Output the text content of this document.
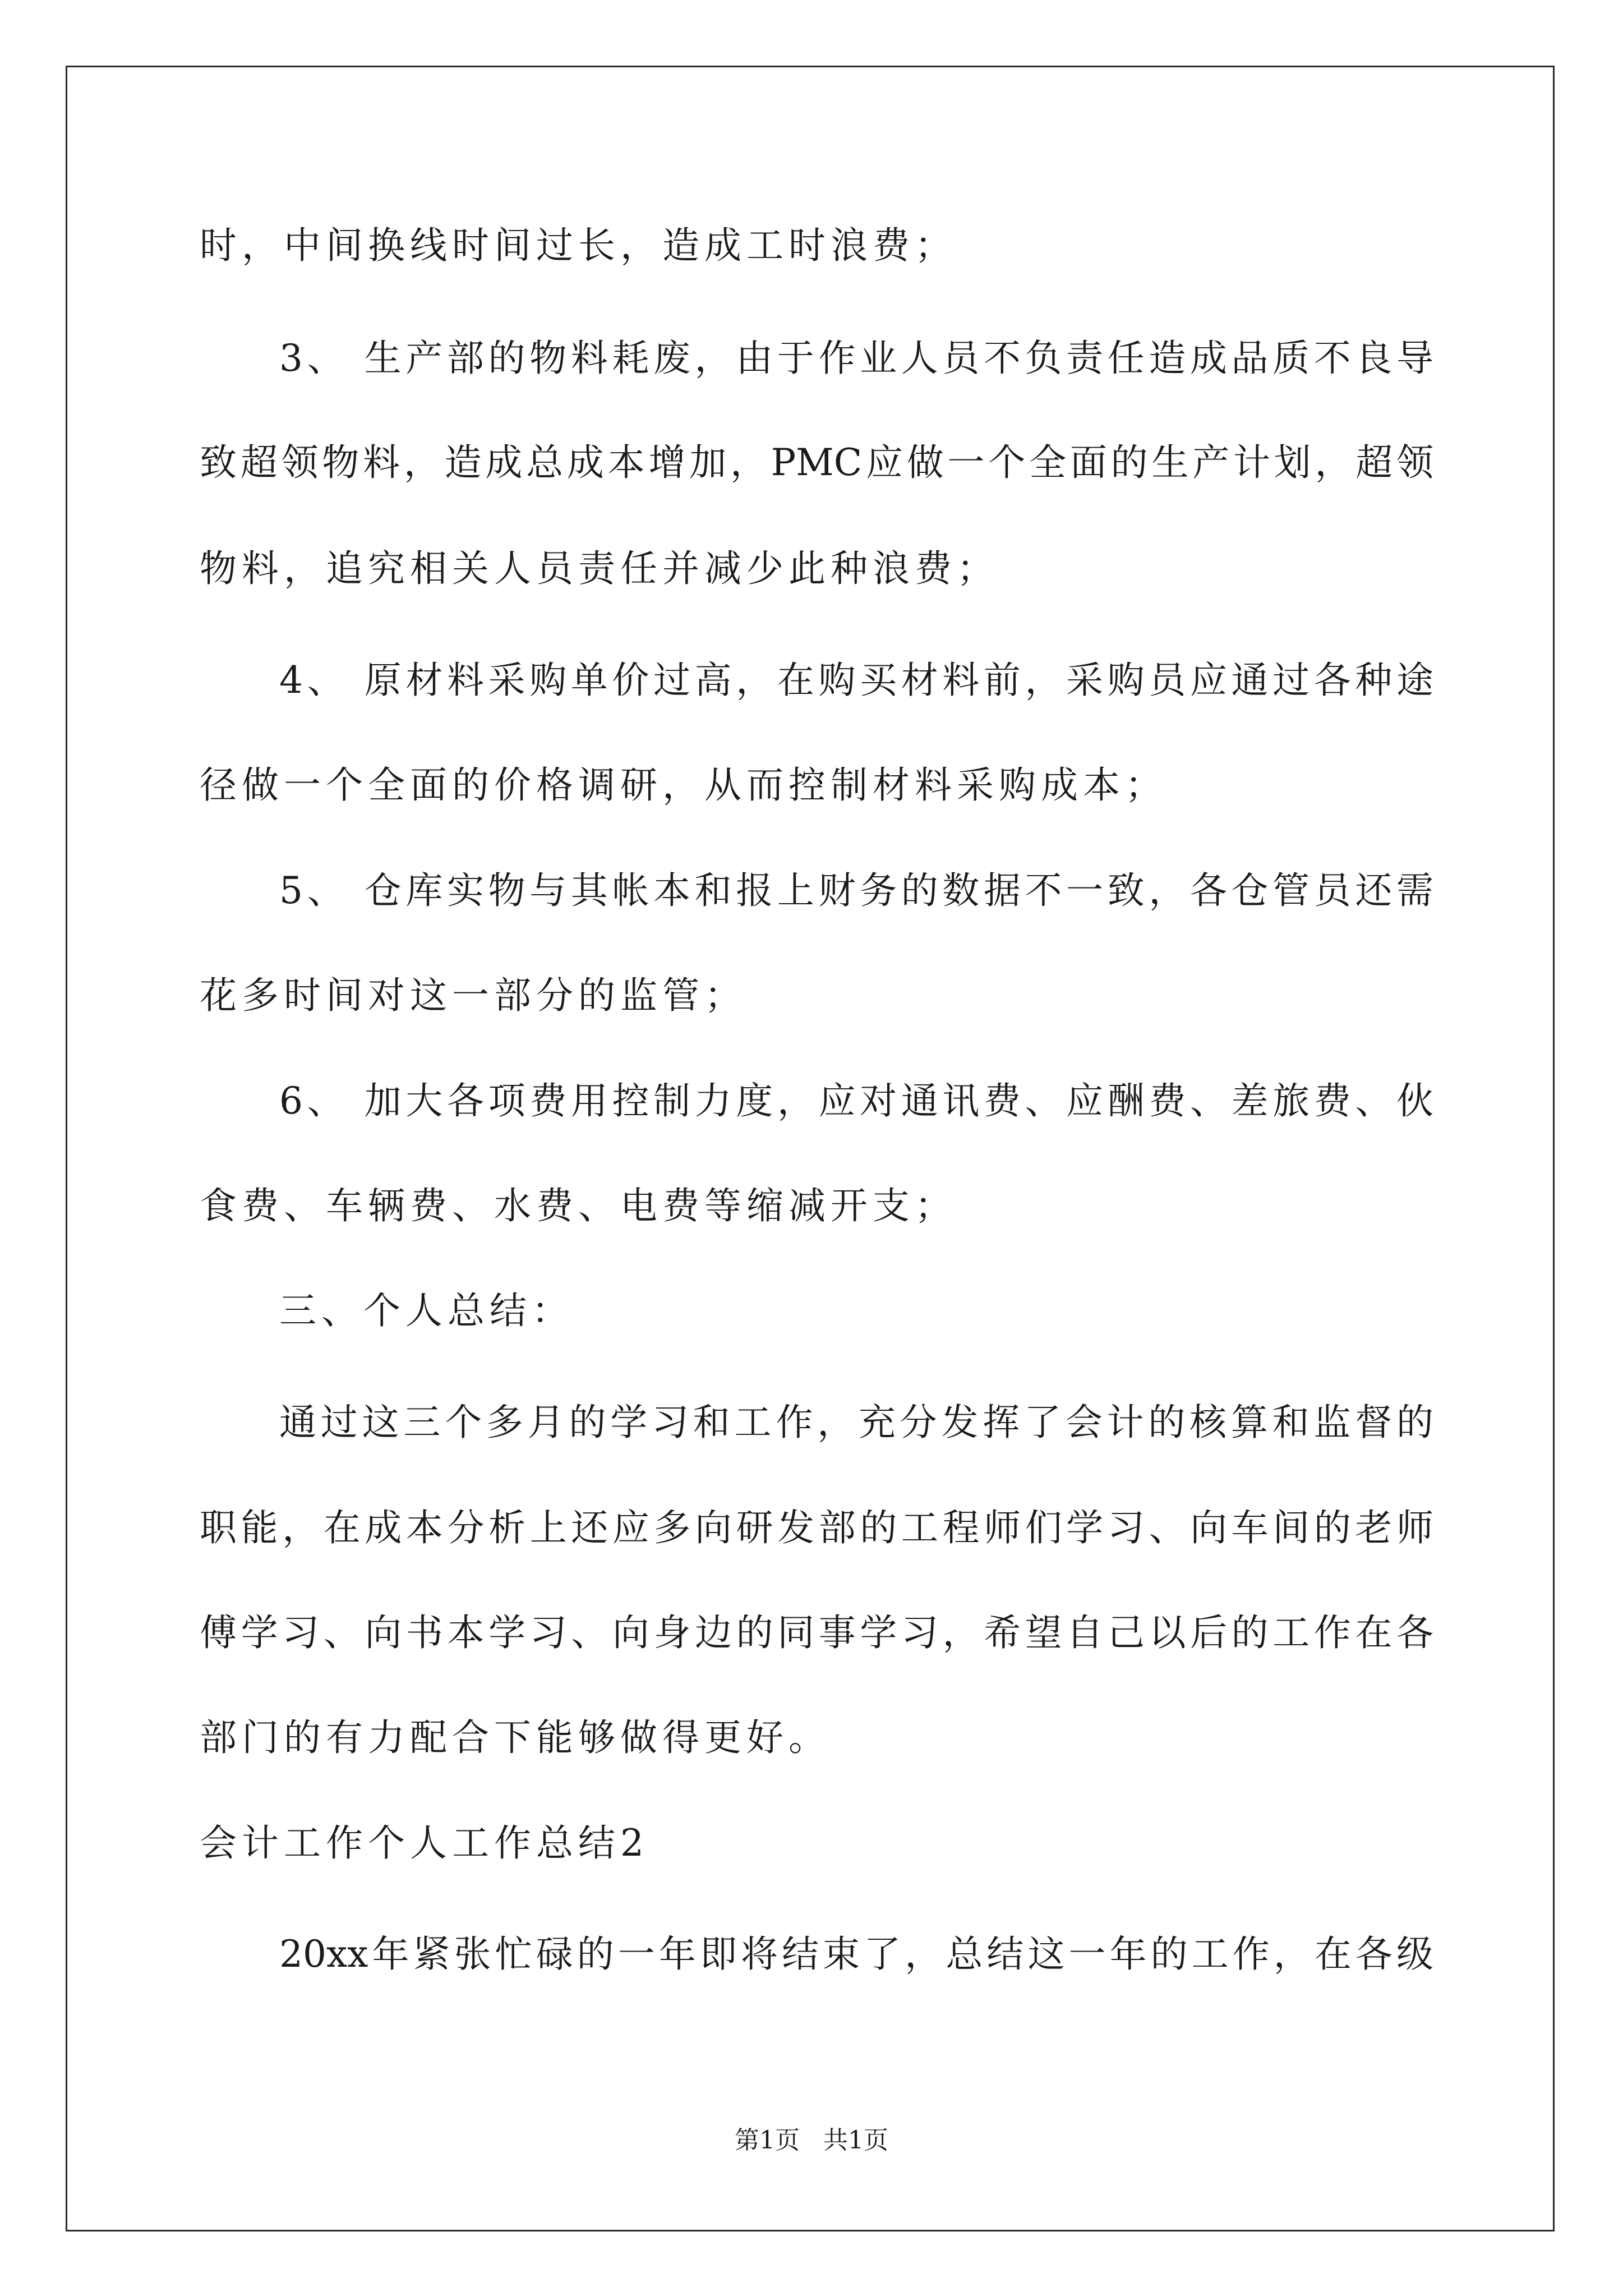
时，中间换线时间过长，造成工时浪费；
3、 生产部的物料耗废，由于作业人员不负责任造成品质不良导
致超领物料，造成总成本增加，PMC应做一个全面的生产计划，超领
物料，追究相关人员责任并减少此种浪费；
4、 原材料采购单价过高，在购买材料前，采购员应通过各种途
径做一个全面的价格调研，从而控制材料采购成本；
5、 仓库实物与其帐本和报上财务的数据不一致，各仓管员还需
花多时间对这一部分的监管；
6、 加大各项费用控制力度，应对通讯费、应酬费、差旅费、伙
食费、车辆费、水费、电费等缩减开支；
三、个人总结：
通过这三个多月的学习和工作，充分发挥了会计的核算和监督的
职能，在成本分析上还应多向研发部的工程师们学习、向车间的老师
傅学习、向书本学习、向身边的同事学习，希望自己以后的工作在各
部门的有力配合下能够做得更好。
会计工作个人工作总结2
20xx年紧张忙碌的一年即将结束了，总结这一年的工作，在各级
第1页 共1页
